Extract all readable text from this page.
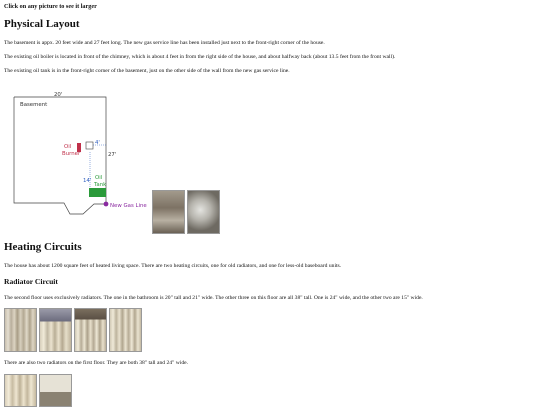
Click on any picture to see it larger
Physical Layout

The basement is appx. 20 feet wide and 27 feet long. The new gas service line has been installed just next to the front-right corner of the house.

The existing oil boiler is located in front of the chimney, which is about 4 feet in from the right side of the house, and about halfway back (about 13.5 feet from the front wall).

The existing oil tank is in the front-right corner of the basement, just on the other side of the wall from the new gas service line.

20'
Basement
Oil
Burner
4'
27'
14' Oil
Tank
New Gas Line
Heating Circuits

The house has about 1200 square feet of heated living space. There are two heating circuits, one for old radiators, and one for less-old baseboard units.

Radiator Circuit

The second floor uses exclusively radiators. The one in the bathroom is 20" tall and 21" wide. The other three on this floor are all 38" tall. One is 24" wide, and the other two are 15" wide.

There are also two radiators on the first floor. They are both 38" tall and 24" wide.
